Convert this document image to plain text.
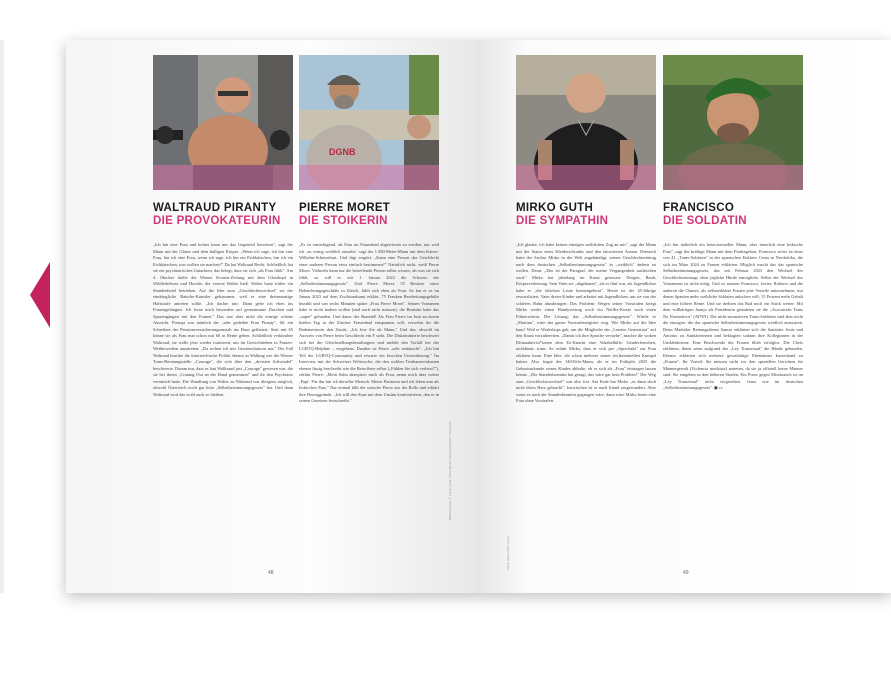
DGNB
WALTRAUD PIRANTY
DIE PROVOKATEURIN
PIERRE MORET
DIE STOIKERIN
„Ich bin eine Frau und keiner kann mir das Gegenteil beweisen", sagt der Mann mit der Glatze und dem bulligen Körper. „Wenn ich sage, ich bin eine Frau, bin ich eine Frau, wenn ich sage, ich bin ein Eichkätzchen, bin ich ein Eichkätzchen, was wollen sie machen?" Da hat Waltraud Recht. Schließlich hat sie ein psychiatrisches Gutachten, das belegt, dass sie sich „als Frau fühlt". Am 4. Oktober titelte die Wiener Kronen-Zeitung mit dem Glotzkopf in Wildlederhose und Hoodie, der vorerst Walter hieß. Walter hatte früher ein Stundenhotel betrieben. Auf die Idee zum „Geschlechtswechsel" sei der eindringliche Ratsche-Künstler gekommen, weil er eine dreimonatige Haftstrafe antreten sollte. „Ich dachte mir: Dann gehe ich eben ins Frauengefängnis. Ich freue mich besonders auf gemeinsame Duschen und Spaziergängen mit den Frauen." Das war aber nicht die einzige schöne Aussicht. Prompt war nämlich der „sehr gedeihte Frau Piranty", 60, ein Schreiben der Pensionsversicherungsanstalt ins Haus geflattert: Statt mit 65 könne sie als Frau nun schon mit 60 in Rente gehen. Schließlich verkündete Waltraud, sie wolle jetzt wieder trainieren, um im Gewichtheben in Frauen-Wettbewerben anzutreten: „Da rechne ich mir Gewinnchancen aus." Der Fall Waltraud brachte die österreichische Politik ebenso in Wallung wie die Wiener Trans-Beratungsstelle „Courage", die sich über den „dreisten Schwindel" beschwerte. Dumm nur, dass es laut Walltraud just „Courage" gewesen war, die sie bei ihrem „Coming Out an der Hand genommen" und ihr den Psychiater vermittelt hatte. Die Wandlung von Walter zu Waltraud war übrigens möglich, obwohl Österreich noch gar kein „Selbstbestimmungsgesetz" hat. Und dann Waltraud wird das wohl auch so bleiben.
„Es ist erniedrigend, als Frau im Frauenbad abgewiesen zu werden, nur weil ich ‚zu wenig weiblich aussehe', sagt der 1.500-Meter-Mann mit dem Kaiser-Wilhelm-Schnurrbart. Und fügt empört: „Kann eine Person das Geschlecht einer anderen Person etwa einfach bestimmen?" Natürlich nicht, weiß Pierre Moret. Vielmehr kann nur die betreffende Person selbst wissen, als was sie sich fühlt, so will es seit 1. Januar 2022 die Schweiz der „Selbstbestimmungsgesetz". Und Pierre Moret, 55 Besitzer eines Beleuchtungsgeschäfts in Zürich, fühlt sich eben als Frau. So hat er es im Januar 2023 auf dem Zivilstandsamt erklärt, 75 Franken Bearbeitungsgebühr bezahlt und war sechs Minuten später „Frau Pierre Moret". Seinen Vornamen habe er nicht ändern wollen (und auch nicht müssen), die Beamtin habe das „super" gefunden. Und dann: der Skandal! Als Frau Pierre im Juni an einem heißen Tag in der Zürcher Frauenbad entspannen will, verwehrt ihr die Bademeisterin den Zutritt. „Ich lese Sie als Mann." Und das, obwohl im Ausweis von Pierre beim Geschlecht ein F steht. Die Diskriminierte beschwert sich bei der Gleichstellungsbeauftragten und meldet den Vorfall bei der LGBTQ-Helpline – vergebens. Daraber ist Pierre „sehr enttäuscht". „Ich bin Teil der LGBTQ-Community und erwarte ein bisschen Unterstützung." Im Interview mit der Schweizer Weltwoche, die den wohlen Textbausteinkasten ebenso lässig beschreibt wie die Betroffene selbst („Fühlen Sie sich verletzt?"), erklärt Pierre: „Mein Sohn akzeptiert mich als Frau, nennt mich aber weiter ‚Papi'. Für ihn bin ich derselbe Mensch. Meine Partnerin und ich leben nun als lesbisches Paar." Nur einmal fällt die stoische Pierre aus der Rolle und erklärt ihre Beweggründe: „Ich will den Staat mit dem Unsinn konfrontieren, den er in seinen Gesetzen festschreibt."
Bildnachweise: © Fotos: privat, Pierre Moret / Gian Ehrenzeller / Keystone
48
MIRKO GUTH
DIE SYMPATHIN
FRANCISCO
DIE SOLDATIN
„Ich glaube, ich habe keinen einzigen weiblichen Zug an mir", sagt der Mann mit der Statur eines Kleiderschranks und den tätowierten Armen. Dennoch hatte der Sachse Mirko in der Welt angekündigt, seinen Geschlechtseintrag nach dem deutschen „Selbstbestimmungsgesetz" in „weiblich" ändern zu wollen. Denn: „Das ist der Paragraf, der meine Vergangenheit auslöschen wird." Mirko hat jahrelang im Knast gesessen: Drogen, Raub, Körperverletzung. Sein Vater sei „abgehauen", als er fünf war, als Jugendlicher habe er „die falschen Leute kennengelernt". Heute ist der 45-Jährige resozialisiert, Vater dreier Kinder und arbeitet mit Jugendlichen, um sie von der schiefen Bahn abzubringen. Das Problem: Wegen seiner Vorstrafen kriegt Mirko weder einen Handyvertrag noch ein Netflix-Konto noch einen Führerschein. Die Lösung: das „Selbstbestimmungsgesetz". Würde er „Martina", wäre das ganze Vorstrafenregister weg. Wie Mirko auf die Idee kam? Weil er Workshops gab, um die Mitglieder der „Letzten Generation" auf den Knast vorzubereiten. „Damit ich ihre Sprache verstehe", machte die woken Klimaaktivist*innen dem Ex-Knacki eine Vokabelhilfe: Genderfernchen, nichtbinär, trans. So erfuhr Mirko, dass er sich per „Sprechakt" zur Frau erklären kann. Eine Idee, die schon mehrere seiner (ex)kriminellen Kumpel hatten. Also fragte der 140-Kilo-Mann, als er im Frühjahr 2025 die Geburtsurkunde seines Kindes abholte, ob er sich als „Frau" eintragen lassen könne. „Die Standesbeamtin hat gesagt, das wäre gar kein Problem!" Der Weg zum „Geschlechtswechsel" war also frei. Am Ende hat Mirko „es dann doch nicht übers Herz gebracht". Inzwischen ist er nach Irland ausgewandert. Aber wenn es nach der Standesbeamtin gegangen wäre, dann wäre Mirko heute eine Frau ohne Vorstrafen.
„Ich bin äußerlich ein heterosexueller Mann, aber innerlich eine lesbische Frau", sagt der kräftige Mann mit dem Fünftagebart. Francisco zeiter ist einer von 41 „Trans-Soldaten" in der spanischen Enklave Ceuta in Nordafrika, die sich im März 2024 zu Frauen erklärten. Möglich macht das das spanische Selbstbestimmungsgesetz, das seit Februar 2023 den Wechsel des Geschlechtseintrags ohne jegliche Hürde ermöglicht. Selbst der Wechsel des Vornamens ist nicht nötig. Und so nutzten Francisco, Javier, Roberto und die anderen die Chance, als selbsterklärte Frauen jene Vorteile mitzunehmen, mit denen Spanien mehr weibliche Soldaten anlocken will: 15 Prozent mehr Gehalt und eine höhere Rente. Und sie drehten das Rad noch ein Stück weiter: Mit dem vollbärtigen Juanjo als Präsidentin gründeten sie die „Asociación Trans No Normativos" (ATNN). Die nicht-normativen Trans-Soldaten sind aber nicht die einzigen, die das spanische Selbstbestimmungsgesetz weidlich ausnutzen. Beim Madrider Rettungsdienst Samur erklärten sich die Sanitäter Jesús und Antonio zu Sanitäterinnen und beklagten sodann ihre Kolleginnen in der Umkleidezone. Eine Beschwerde der Frauen blieb erfolglos. Die Chefs erklärten, ihnen seien aufgrund des „Ley Transexual" die Hände gebunden. Ebenso erklärten sich mehrere gewalttätige Ehemänner kurzerhand zu „Frauen". Ihr Vorteil: Sie müssen nicht vor den speziellen Gerichten für Männergewalt (Violencia machista) antreten, da sie ja offiziell keine Männer sind. Sie entgehen so den höheren Strafen. Ein Posse gegen Missbrauch ist im „Ley Transexual" nicht vorgesehen. Ganz wie im deutschen „Selbstbestimmungsgesetz". ◼ cc
Fotos: Mirko Guth / privat
49
